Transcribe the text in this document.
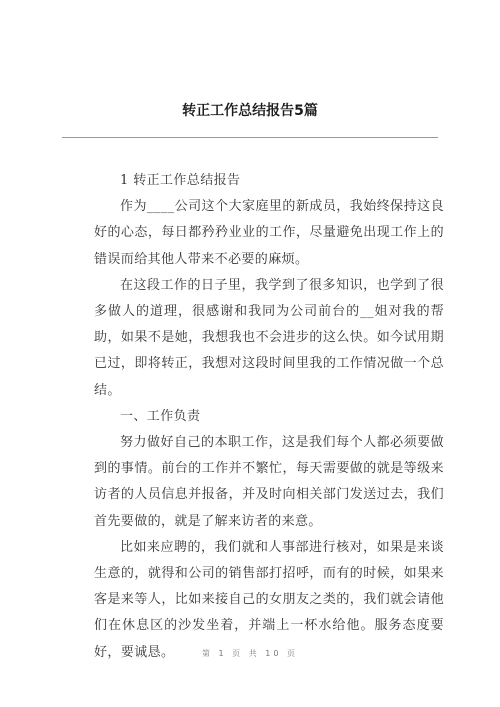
转正工作总结报告5篇

1 转正工作总结报告

作为____公司这个大家庭里的新成员，我始终保持这良好的心态，每日都矜矜业业的工作，尽量避免出现工作上的错误而给其他人带来不必要的麻烦。

在这段工作的日子里，我学到了很多知识，也学到了很多做人的道理，很感谢和我同为公司前台的__姐对我的帮助，如果不是她，我想我也不会进步的这么快。如今试用期已过，即将转正，我想对这段时间里我的工作情况做一个总结。

一、工作负责

努力做好自己的本职工作，这是我们每个人都必须要做到的事情。前台的工作并不繁忙，每天需要做的就是等级来访者的人员信息并报备，并及时向相关部门发送过去，我们首先要做的，就是了解来访者的来意。

比如来应聘的，我们就和人事部进行核对，如果是来谈生意的，就得和公司的销售部打招呼，而有的时候，如果来客是来等人，比如来接自己的女朋友之类的，我们就会请他们在休息区的沙发坐着，并端上一杯水给他。服务态度要好，要诚恳。	第 1 页 共 10 页
